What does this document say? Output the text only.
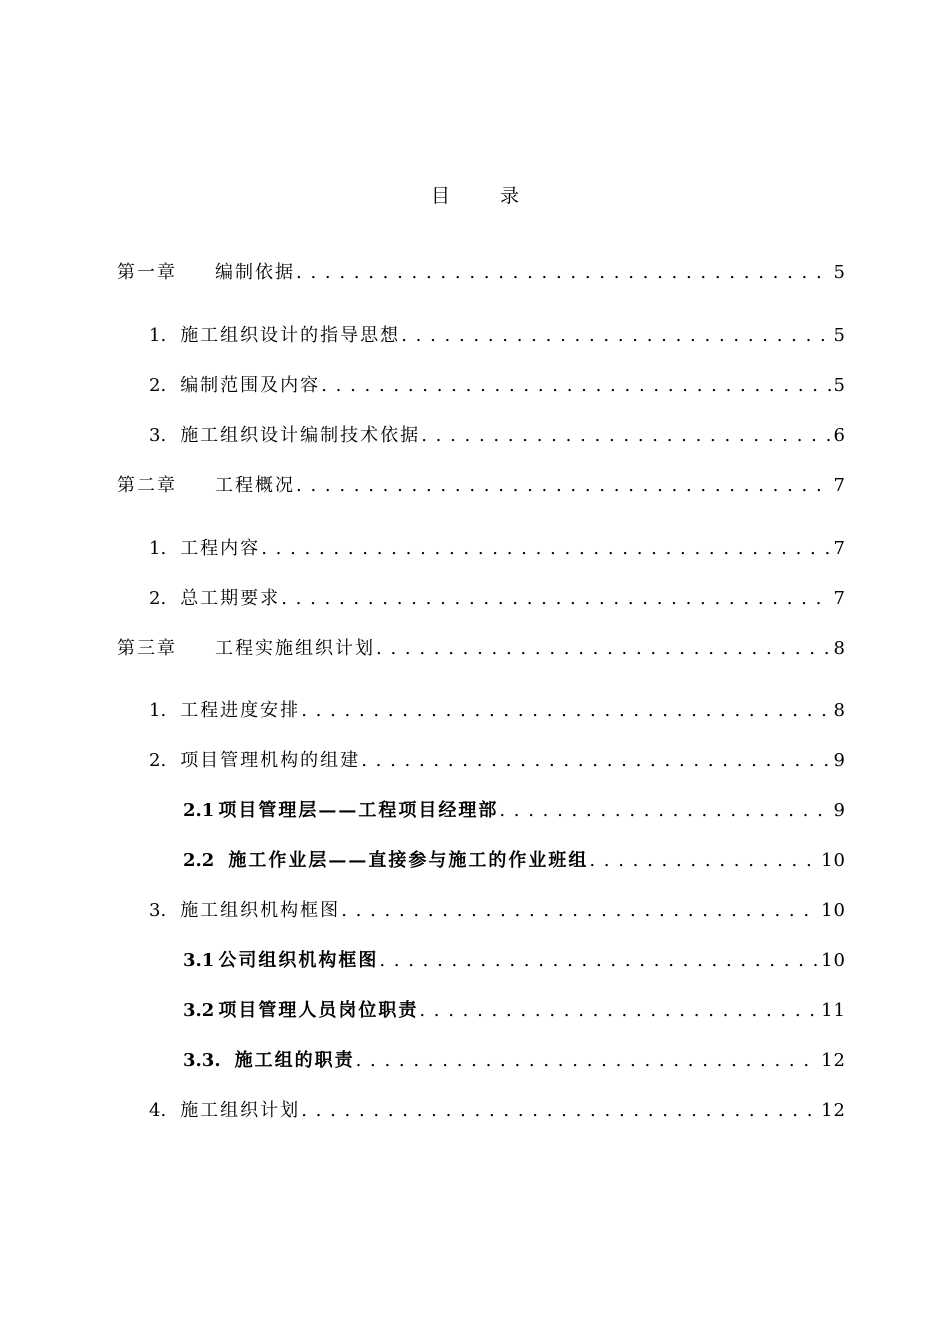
目 录
第一章	编制依据 . . .	5
1. 施工组织设计的指导思想 . . .	5
2. 编制范围及内容 . . .	5
3. 施工组织设计编制技术依据 . . .	6
第二章	工程概况 . . .	7
1. 工程内容 . . .	7
2. 总工期要求 . . .	7
第三章	工程实施组织计划 . . .	8
1. 工程进度安排 . . .	8
2. 项目管理机构的组建 . . .	9
2.1 项目管理层——工程项目经理部 . . .	9
2.2 施工作业层——直接参与施工的作业班组 . . .	10
3. 施工组织机构框图 . . .	10
3.1 公司组织机构框图 . . .	10
3.2 项目管理人员岗位职责 . . .	11
3.3. 施工组的职责 . . .	12
4. 施工组织计划 . . .	12
